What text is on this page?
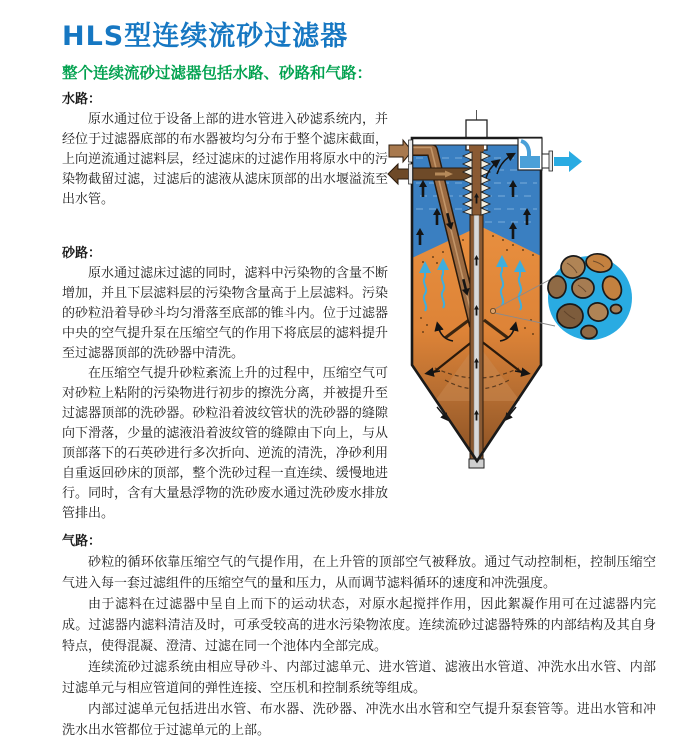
HLS型连续流砂过滤器
整个连续流砂过滤器包括水路、砂路和气路：
水路：

原水通过位于设备上部的进水管进入砂滤系统内，并经位于过滤器底部的布水器被均匀分布于整个滤床截面，上向逆流通过滤料层，经过滤床的过滤作用将原水中的污染物截留过滤，过滤后的滤液从滤床顶部的出水堰溢流至出水管。

砂路：

原水通过滤床过滤的同时，滤料中污染物的含量不断增加，并且下层滤料层的污染物含量高于上层滤料。污染的砂粒沿着导砂斗均匀滑落至底部的锥斗内。位于过滤器中央的空气提升泵在压缩空气的作用下将底层的滤料提升至过滤器顶部的洗砂器中清洗。

在压缩空气提升砂粒紊流上升的过程中，压缩空气可对砂粒上粘附的污染物进行初步的擦洗分离，并被提升至过滤器顶部的洗砂器。砂粒沿着波纹管状的洗砂器的缝隙向下滑落，少量的滤液沿着波纹管的缝隙由下向上，与从顶部落下的石英砂进行多次折向、逆流的清洗，净砂利用自重返回砂床的顶部，整个洗砂过程一直连续、缓慢地进行。同时，含有大量悬浮物的洗砂废水通过洗砂废水排放管排出。

气路：

砂粒的循环依靠压缩空气的气提作用，在上升管的顶部空气被释放。通过气动控制柜，控制压缩空气进入每一套过滤组件的压缩空气的量和压力，从而调节滤料循环的速度和冲洗强度。

由于滤料在过滤器中呈自上而下的运动状态，对原水起搅拌作用，因此絮凝作用可在过滤器内完成。过滤器内滤料清洁及时，可承受较高的进水污染物浓度。连续流砂过滤器特殊的内部结构及其自身特点，使得混凝、澄清、过滤在同一个池体内全部完成。

连续流砂过滤系统由相应导砂斗、内部过滤单元、进水管道、滤液出水管道、冲洗水出水管、内部过滤单元与相应管道间的弹性连接、空压机和控制系统等组成。

内部过滤单元包括进出水管、布水器、洗砂器、冲洗水出水管和空气提升泵套管等。进出水管和冲洗水出水管都位于过滤单元的上部。
